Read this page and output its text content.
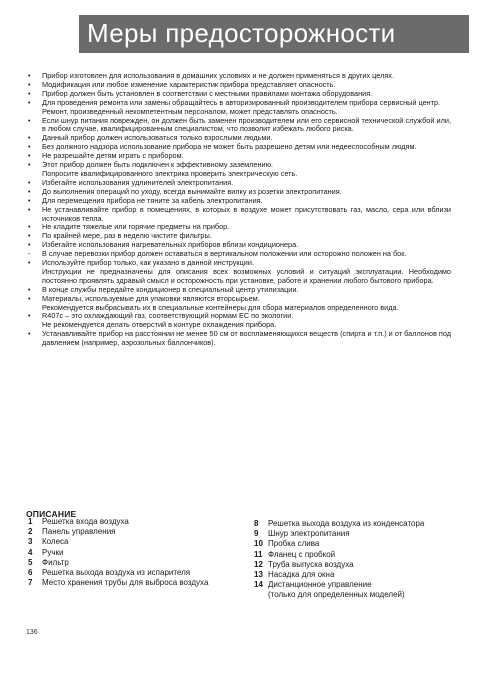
Меры предосторожности
• Прибор изготовлен для использования в домашних условиях и не должен применяться в других целях.
• Модификация или любое изменение характеристик прибора представляет опасность.
• Прибор должен быть установлен в соответствии с местными правилами монтажа оборудования.
• Для проведения ремонта или замены обращайтесь в авторизированный производителем прибора сервисный центр.
Ремонт, произведенный некомпетентным персоналом, может представлять опасность.
• Если шнур питания поврежден, он должен быть заменен производителем или его сервисной технической службой или, в любом случае, квалифицированным специалистом, что позволит избежать любого риска.
• Данный прибор должен использоваться только взрослыми людьми.
• Без должного надзора использование прибора не может быть разрешено детям или недееспособным людям.
• Не разрешайте детям играть с прибором.
• Этот прибор должен быть подключен к эффективному заземлению.
Попросите квалифицированного электрика проверить электрическую сеть.
• Избегайте использования удлинителей электропитания.
• До выполнения операций по уходу, всегда вынимайте вилку из розетки электропитания.
• Для перемещения прибора не тяните за кабель электропитания.
• Не устанавливайте прибор в помещениях, в которых в воздухе может присутствовать газ, масло, сера или вблизи источников тепла.
• Не кладите тяжелые или горячие предметы на прибор.
• По крайней мере, раз в неделю чистите фильтры.
• Избегайте использования нагревательных приборов вблизи кондиционера.
- В случае перевозки прибор должен оставаться в вертикальном положении или осторожно положен на бок.
• Используйте прибор только, как указано в данной инструкции.
Инструкции не предназначены для описания всех возможных условий и ситуаций эксплуатации. Необходимо постоянно проявлять здравый смысл и осторожность при установке, работе и хранении любого бытового прибора.
• В конце службы передайте кондиционер в специальный центр утилизации.
• Материалы, используемые для упаковки являются вторсырьем.
Рекомендуется выбрасывать их в специальные контейнеры для сбора материалов определенного вида.
• R407c – это охлаждающий газ, соответствующий нормам ЕС по экологии.
Не рекомендуется делать отверстий в контуре охлаждения прибора.
• Устанавливайте прибор на расстоянии не менее 50 см от воспламеняющихся веществ (спирта и т.п.) и от баллонов под давлением (например, аэрозольных баллончиков).
ОПИСАНИЕ
1 Решетка входа воздуха
2 Панель управления
3 Колеса
4 Ручки
5 Фильтр
6 Решетка выхода воздуха из испарителя
7 Место хранения трубы для выброса воздуха
8 Решетка выхода воздуха из конденсатора
9 Шнур электропитания
10 Пробка слива
11 Фланец с пробкой
12 Труба выпуска воздуха
13 Насадка для окна
14 Дистанционное управление
(только для определенных моделей)
136
